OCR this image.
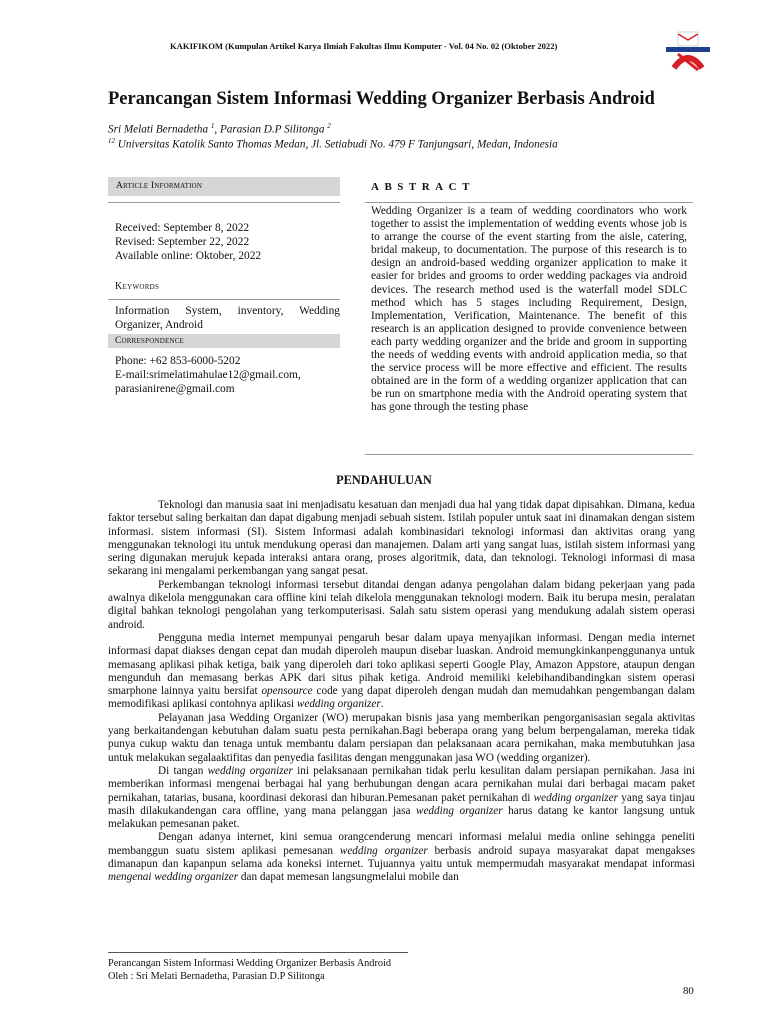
KAKIFIKOM (Kumpulan Artikel Karya Ilmiah Fakultas Ilmu Komputer - Vol. 04 No. 02 (Oktober 2022)
Perancangan Sistem Informasi Wedding Organizer Berbasis Android
Sri Melati Bernadetha $^1$, Parasian D.P Silitonga $^2$
$^{12}$ Universitas Katolik Santo Thomas Medan, Jl. Setiabudi No. 479 F Tanjungsari, Medan, Indonesia
Article Information
Received: September 8, 2022
Revised: September 22, 2022
Available online: Oktober, 2022
Keywords
Information System, inventory, Wedding Organizer, Android
Correspondence
Phone: +62 853-6000-5202
E-mail:srimelatimahulae12@gmail.com,
parasianirene@gmail.com
ABSTRACT
Wedding Organizer is a team of wedding coordinators who work together to assist the implementation of wedding events whose job is to arrange the course of the event starting from the aisle, catering, bridal makeup, to documentation. The purpose of this research is to design an android-based wedding organizer application to make it easier for brides and grooms to order wedding packages via android devices. The research method used is the waterfall model SDLC method which has 5 stages including Requirement, Design, Implementation, Verification, Maintenance. The benefit of this research is an application designed to provide convenience between each party wedding organizer and the bride and groom in supporting the needs of wedding events with android application media, so that the service process will be more effective and efficient. The results obtained are in the form of a wedding organizer application that can be run on smartphone media with the Android operating system that has gone through the testing phase
PENDAHULUAN

Teknologi dan manusia saat ini menjadisatu kesatuan dan menjadi dua hal yang tidak dapat dipisahkan. Dimana, kedua faktor tersebut saling berkaitan dan dapat digabung menjadi sebuah sistem. Istilah populer untuk saat ini dinamakan dengan sistem informasi. sistem informasi (SI). Sistem Informasi adalah kombinasidari teknologi informasi dan aktivitas orang yang menggunakan teknologi itu untuk mendukung operasi dan manajemen. Dalam arti yang sangat luas, istilah sistem informasi yang sering digunakan merujuk kepada interaksi antara orang, proses algoritmik, data, dan teknologi. Teknologi informasi di masa sekarang ini mengalami perkembangan yang sangat pesat.

Perkembangan teknologi informasi tersebut ditandai dengan adanya pengolahan dalam bidang pekerjaan yang pada awalnya dikelola menggunakan cara offline kini telah dikelola menggunakan teknologi modern. Baik itu berupa mesin, peralatan digital bahkan teknologi pengolahan yang terkomputerisasi. Salah satu sistem operasi yang mendukung adalah sistem operasi android.

Pengguna media internet mempunyai pengaruh besar dalam upaya menyajikan informasi. Dengan media internet informasi dapat diakses dengan cepat dan mudah diperoleh maupun disebar luaskan. Android memungkinkanpenggunanya untuk memasang aplikasi pihak ketiga, baik yang diperoleh dari toko aplikasi seperti Google Play, Amazon Appstore, ataupun dengan mengunduh dan memasang berkas APK dari situs pihak ketiga. Android memiliki kelebihandibandingkan sistem operasi smarphone lainnya yaitu bersifat opensource code yang dapat diperoleh dengan mudah dan memudahkan pengembangan dalam memodifikasi aplikasi contohnya aplikasi wedding organizer.

Pelayanan jasa Wedding Organizer (WO) merupakan bisnis jasa yang memberikan pengorganisasian segala aktivitas yang berkaitandengan kebutuhan dalam suatu pesta pernikahan.Bagi beberapa orang yang belum berpengalaman, mereka tidak punya cukup waktu dan tenaga untuk membantu dalam persiapan dan pelaksanaan acara pernikahan, maka membutuhkan jasa untuk melakukan segalaaktifitas dan penyedia fasilitas dengan menggunakan jasa WO (wedding organizer).

Di tangan wedding organizer ini pelaksanaan pernikahan tidak perlu kesulitan dalam persiapan pernikahan. Jasa ini memberikan informasi mengenai berbagai hal yang berhubungan dengan acara pernikahan mulai dari berbagai macam paket pernikahan, tatarias, busana, koordinasi dekorasi dan hiburan.Pemesanan paket pernikahan di wedding organizer yang saya tinjau masih dilakukandengan cara offline, yang mana pelanggan jasa wedding organizer harus datang ke kantor langsung untuk melakukan pemesanan paket.

Dengan adanya internet, kini semua orangcenderung mencari informasi melalui media online sehingga peneliti membanggun suatu sistem aplikasi pemesanan wedding organizer berbasis android supaya masyarakat dapat mengakses dimanapun dan kapanpun selama ada koneksi internet. Tujuannya yaitu untuk mempermudah masyarakat mendapat informasi mengenai wedding organizer dan dapat memesan langsungmelalui mobile dan

Perancangan Sistem Informasi Wedding Organizer Berbasis Android
Oleh : Sri Melati Bernadetha, Parasian D.P Silitonga
80
